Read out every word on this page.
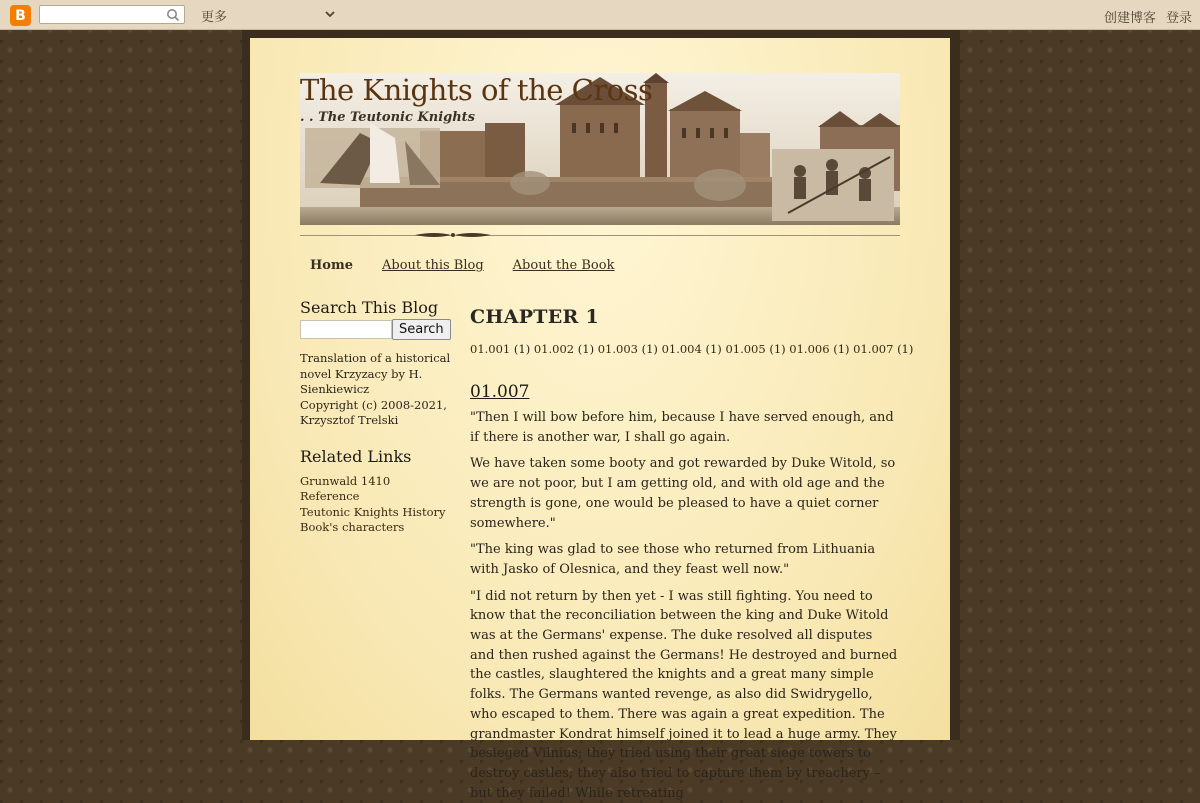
B	更多	创建博客 登录
The Knights of the Cross
. . The Teutonic Knights
Home About this Blog About the Book
Search This Blog
Search
Translation of a historical
novel Krzyzacy by H.
Sienkiewicz
Copyright (c) 2008-2021,
Krzysztof Trelski
Related Links
Grunwald 1410
Reference
Teutonic Knights History
Book's characters
CHAPTER 1
01.001 (1) 01.002 (1) 01.003 (1) 01.004 (1) 01.005 (1) 01.006 (1) 01.007 (1)
01.007

"Then I will bow before him, because I have served enough, and if there is another war, I shall go again.

We have taken some booty and got rewarded by Duke Witold, so we are not poor, but I am getting old, and with old age and the strength is gone, one would be pleased to have a quiet corner somewhere."

"The king was glad to see those who returned from Lithuania with Jasko of Olesnica, and they feast well now."

"I did not return by then yet - I was still fighting. You need to know that the reconciliation between the king and Duke Witold was at the Germans' expense. The duke resolved all disputes and then rushed against the Germans! He destroyed and burned the castles, slaughtered the knights and a great many simple folks. The Germans wanted revenge, as also did Swidrygello, who escaped to them. There was again a great expedition. The grandmaster Kondrat himself joined it to lead a huge army. They besieged Vilnius; they tried using their great siege towers to destroy castles; they also tried to capture them by treachery – but they failed! While retreating
